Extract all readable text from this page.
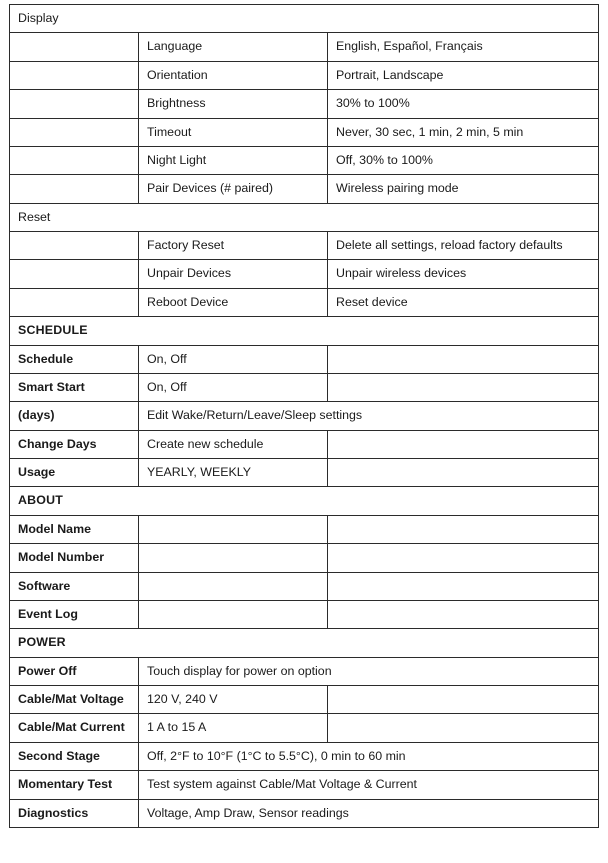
Display		
	Language	English, Español, Français
	Orientation	Portrait, Landscape
	Brightness	30% to 100%
	Timeout	Never, 30 sec, 1 min, 2 min, 5 min
	Night Light	Off, 30% to 100%
	Pair Devices (# paired)	Wireless pairing mode
Reset		
	Factory Reset	Delete all settings, reload factory defaults
	Unpair Devices	Unpair wireless devices
	Reboot Device	Reset device
SCHEDULE		
Schedule	On, Off	
Smart Start	On, Off	
(days)	Edit Wake/Return/Leave/Sleep settings	
Change Days	Create new schedule	
Usage	YEARLY, WEEKLY	
ABOUT		
Model Name		
Model Number		
Software		
Event Log		
POWER		
Power Off	Touch display for power on option	
Cable/Mat Voltage	120 V, 240 V	
Cable/Mat Current	1 A to 15 A	
Second Stage	Off, 2°F to 10°F (1°C to 5.5°C), 0 min to 60 min	
Momentary Test	Test system against Cable/Mat Voltage & Current	
Diagnostics	Voltage, Amp Draw, Sensor readings	
